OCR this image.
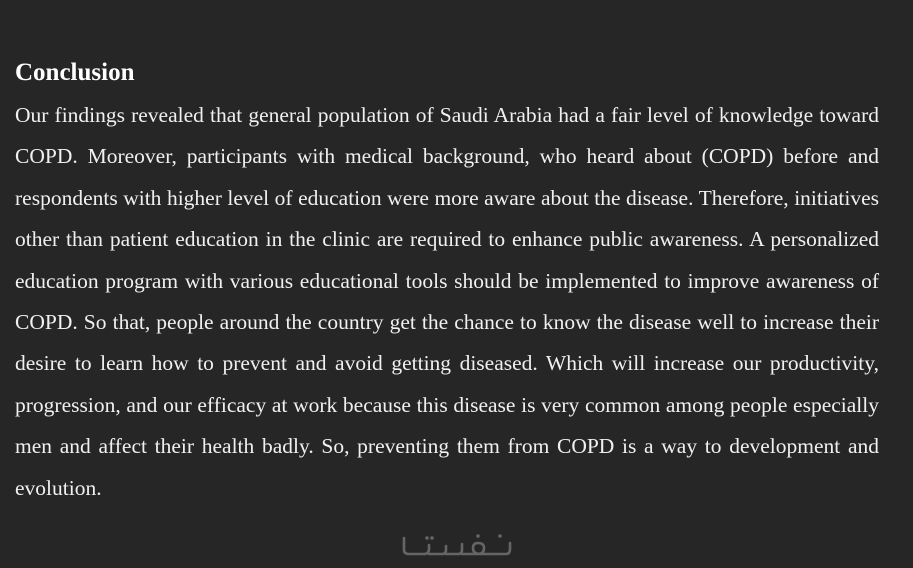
Conclusion

Our findings revealed that general population of Saudi Arabia had a fair level of knowledge toward COPD. Moreover, participants with medical background, who heard about (COPD) before and respondents with higher level of education were more aware about the disease. Therefore, initiatives other than patient education in the clinic are required to enhance public awareness. A personalized education program with various educational tools should be implemented to improve awareness of COPD. So that, people around the country get the chance to know the disease well to increase their desire to learn how to prevent and avoid getting diseased. Which will increase our productivity, progression, and our efficacy at work because this disease is very common among people especially men and affect their health badly. So, preventing them from COPD is a way to development and evolution.
